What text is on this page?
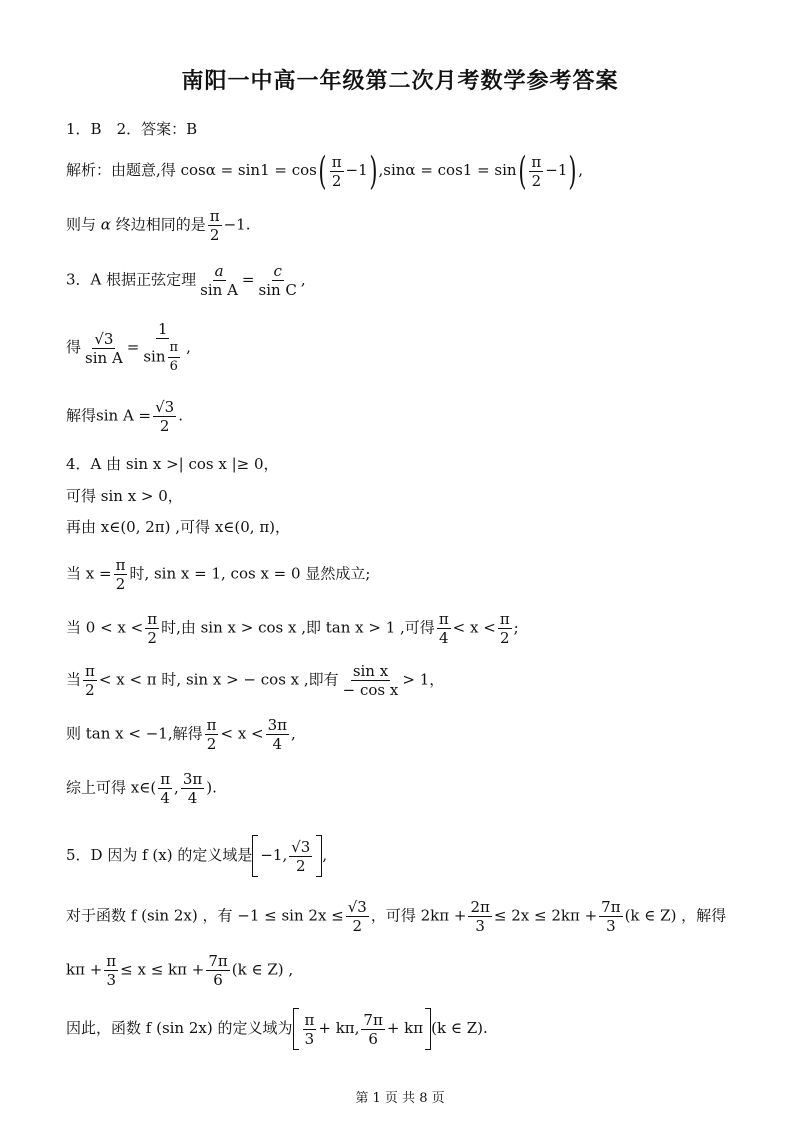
南阳一中高一年级第二次月考数学参考答案
1．B　2．答案：B
解析：由题意,得 $\cos\alpha = \sin 1 = \cos( \frac{\pi}{2} -1),\sin\alpha = \cos 1 = \sin( \frac{\pi}{2} -1)$,
则与 α 终边相同的是 $\frac{\pi}{2} -1$.
3．A 根据正弦定理 $\frac{a}{\text{sin A}} = \frac{c}{\text{sin C}}$ ,
得 $\frac{√3}{\text{sin A}} = \frac{1}{\sin \frac{\pi}{6}}$ ,
解得$\sin A = \frac{√3}{2}$ .
4．A 由 sin x >| cos x |≥ 0，
可得 sin x > 0，
再由 x∈(0, 2π) ,可得 x∈(0, π)，
当 $x = \frac{\pi}{2}$ 时, sin x = 1, cos x = 0 显然成立;
当 $0 < x < \frac{\pi}{2}$ 时,由 sin x > cos x ,即 tan x > 1 ,可得 $\frac{\pi}{4} < x < \frac{\pi}{2}$ ;
当 $\frac{\pi}{2} < x < \pi$ 时, sin x > − cos x ,即有 $\frac{\text{sin x}}{\text{− cos x}} > 1$，
则 tan x < −1,解得 $\frac{\pi}{2} < x < \frac{3\pi}{4}$ ,
综上可得 x∈( $\frac{\pi}{4}$ , $\frac{3\pi}{4}$ ).
5．D 因为 f (x) 的定义域是 −1, $\frac{√3}{2}$ ,
对于函数 f (sin 2x) ，有 $-1 \le \sin 2x \le \frac{√3}{2}$ ，可得 $2k\pi + \frac{2\pi}{3} \le 2x \le 2k\pi + \frac{7\pi}{3} (k$ ∈ Z) ，解得
$k\pi + \frac{\pi}{3} \le x \le k\pi + \frac{7\pi}{6} (k$ ∈ Z) ,
因此，函数 f (sin 2x) 的定义域为 $\frac{\pi}{3} + k\pi$, $\frac{7\pi}{6} + k\pi$ (k ∈ Z).
第 1 页 共 8 页
